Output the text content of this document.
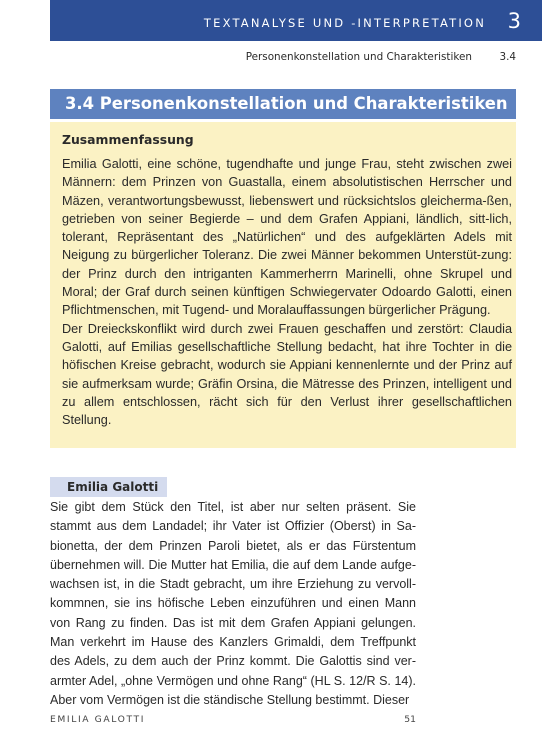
TEXTANALYSE UND -INTERPRETATION 3
Personenkonstellation und Charakteristiken	3.4
3.4 Personenkonstellation und Charakteristiken
Zusammenfassung

Emilia Galotti, eine schöne, tugendhafte und junge Frau, steht zwischen zwei Männern: dem Prinzen von Guastalla, einem absolutistischen Herrscher und Mäzen, verantwortungsbewusst, liebenswert und rücksichtslos gleicherma-ßen, getrieben von seiner Begierde – und dem Grafen Appiani, ländlich, sitt-lich, tolerant, Repräsentant des „Natürlichen“ und des aufgeklärten Adels mit Neigung zu bürgerlicher Toleranz. Die zwei Männer bekommen Unterstüt-zung: der Prinz durch den intriganten Kammerherrn Marinelli, ohne Skrupel und Moral; der Graf durch seinen künftigen Schwiegervater Odoardo Galotti, einen Pflichtmenschen, mit Tugend- und Moralauffassungen bürgerlicher Prägung.

Der Dreieckskonflikt wird durch zwei Frauen geschaffen und zerstört: Claudia Galotti, auf Emilias gesellschaftliche Stellung bedacht, hat ihre Tochter in die höfischen Kreise gebracht, wodurch sie Appiani kennenlernte und der Prinz auf sie aufmerksam wurde; Gräfin Orsina, die Mätresse des Prinzen, intelligent und zu allem entschlossen, rächt sich für den Verlust ihrer gesellschaftlichen Stellung.

Emilia Galotti
Sie gibt dem Stück den Titel, ist aber nur selten präsent. Sie stammt aus dem Landadel; ihr Vater ist Offizier (Oberst) in Sa-bionetta, der dem Prinzen Paroli bietet, als er das Fürstentum übernehmen will. Die Mutter hat Emilia, die auf dem Lande aufge-wachsen ist, in die Stadt gebracht, um ihre Erziehung zu vervoll-kommnen, sie ins höfische Leben einzuführen und einen Mann von Rang zu finden. Das ist mit dem Grafen Appiani gelungen. Man verkehrt im Hause des Kanzlers Grimaldi, dem Treffpunkt des Adels, zu dem auch der Prinz kommt. Die Galottis sind ver-armter Adel, „ohne Vermögen und ohne Rang“ (HL S. 12/R S. 14). Aber vom Vermögen ist die ständische Stellung bestimmt. Dieser
EMILIA GALOTTI	51
